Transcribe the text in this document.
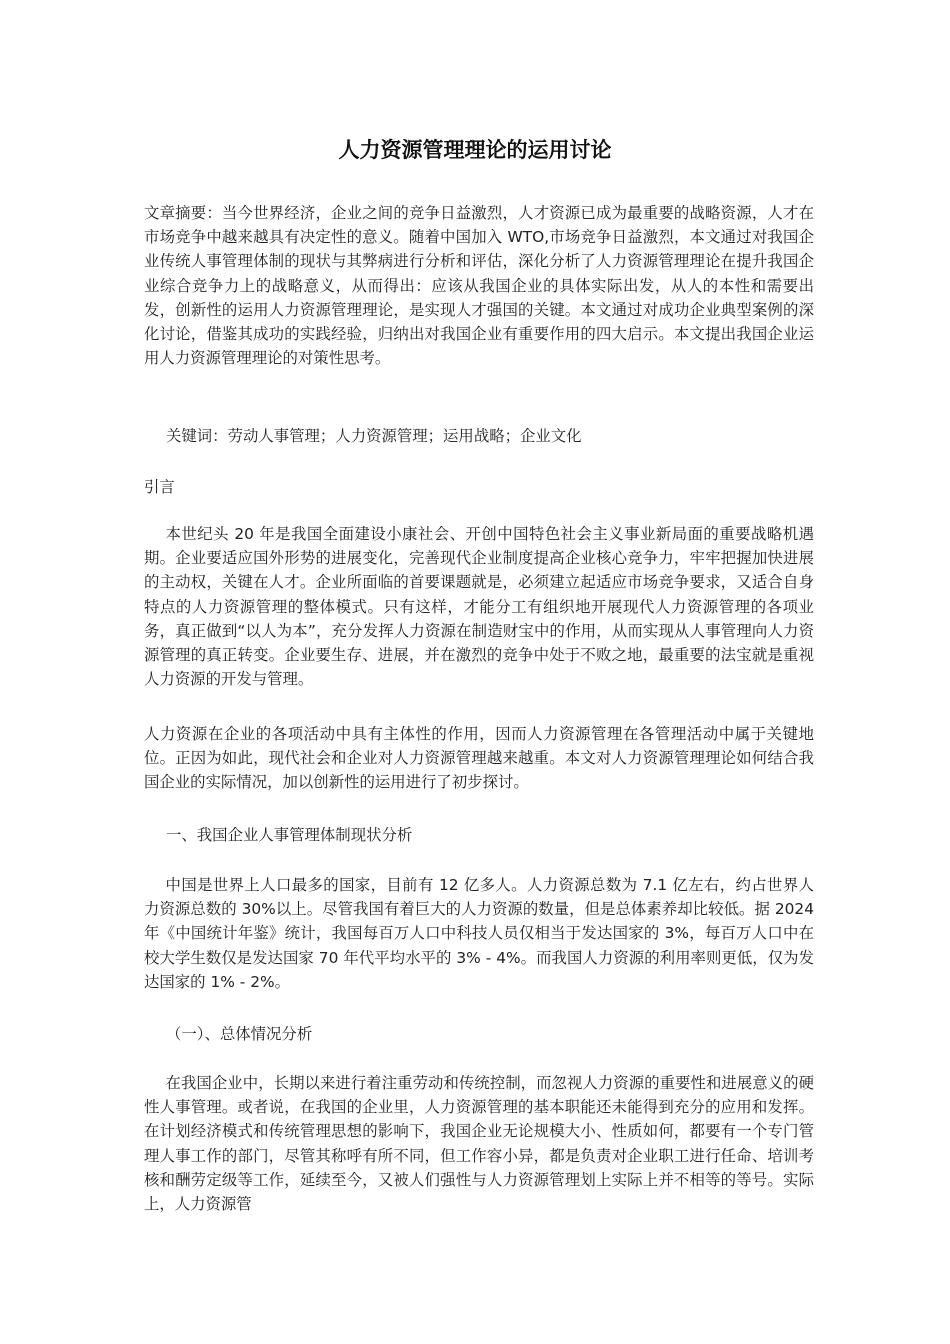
人力资源管理理论的运用讨论

文章摘要：当今世界经济，企业之间的竞争日益激烈，人才资源已成为最重要的战略资源，人才在市场竞争中越来越具有决定性的意义。随着中国加入 WTO,市场竞争日益激烈，本文通过对我国企业传统人事管理体制的现状与其弊病进行分析和评估，深化分析了人力资源管理理论在提升我国企业综合竞争力上的战略意义，从而得出：应该从我国企业的具体实际出发，从人的本性和需要出发，创新性的运用人力资源管理理论，是实现人才强国的关键。本文通过对成功企业典型案例的深化讨论，借鉴其成功的实践经验，归纳出对我国企业有重要作用的四大启示。本文提出我国企业运用人力资源管理理论的对策性思考。

关键词：劳动人事管理；人力资源管理；运用战略；企业文化

引言

本世纪头 20 年是我国全面建设小康社会、开创中国特色社会主义事业新局面的重要战略机遇期。企业要适应国外形势的进展变化，完善现代企业制度提高企业核心竞争力，牢牢把握加快进展的主动权，关键在人才。企业所面临的首要课题就是，必须建立起适应市场竞争要求，又适合自身特点的人力资源管理的整体模式。只有这样，才能分工有组织地开展现代人力资源管理的各项业务，真正做到“以人为本”，充分发挥人力资源在制造财宝中的作用，从而实现从人事管理向人力资源管理的真正转变。企业要生存、进展，并在激烈的竞争中处于不败之地，最重要的法宝就是重视人力资源的开发与管理。

人力资源在企业的各项活动中具有主体性的作用，因而人力资源管理在各管理活动中属于关键地位。正因为如此，现代社会和企业对人力资源管理越来越重。本文对人力资源管理理论如何结合我国企业的实际情况，加以创新性的运用进行了初步探讨。

一、我国企业人事管理体制现状分析

中国是世界上人口最多的国家，目前有 12 亿多人。人力资源总数为 7.1 亿左右，约占世界人力资源总数的 30%以上。尽管我国有着巨大的人力资源的数量，但是总体素养却比较低。据 2024 年《中国统计年鉴》统计，我国每百万人口中科技人员仅相当于发达国家的 3%，每百万人口中在校大学生数仅是发达国家 70 年代平均水平的 3% - 4%。而我国人力资源的利用率则更低，仅为发达国家的 1% - 2%。

（一）、总体情况分析

在我国企业中，长期以来进行着注重劳动和传统控制，而忽视人力资源的重要性和进展意义的硬性人事管理。或者说，在我国的企业里，人力资源管理的基本职能还未能得到充分的应用和发挥。在计划经济模式和传统管理思想的影响下，我国企业无论规模大小、性质如何，都要有一个专门管理人事工作的部门，尽管其称呼有所不同，但工作容小异，都是负责对企业职工进行任命、培训考核和酬劳定级等工作，延续至今，又被人们强性与人力资源管理划上实际上并不相等的等号。实际上，人力资源管
